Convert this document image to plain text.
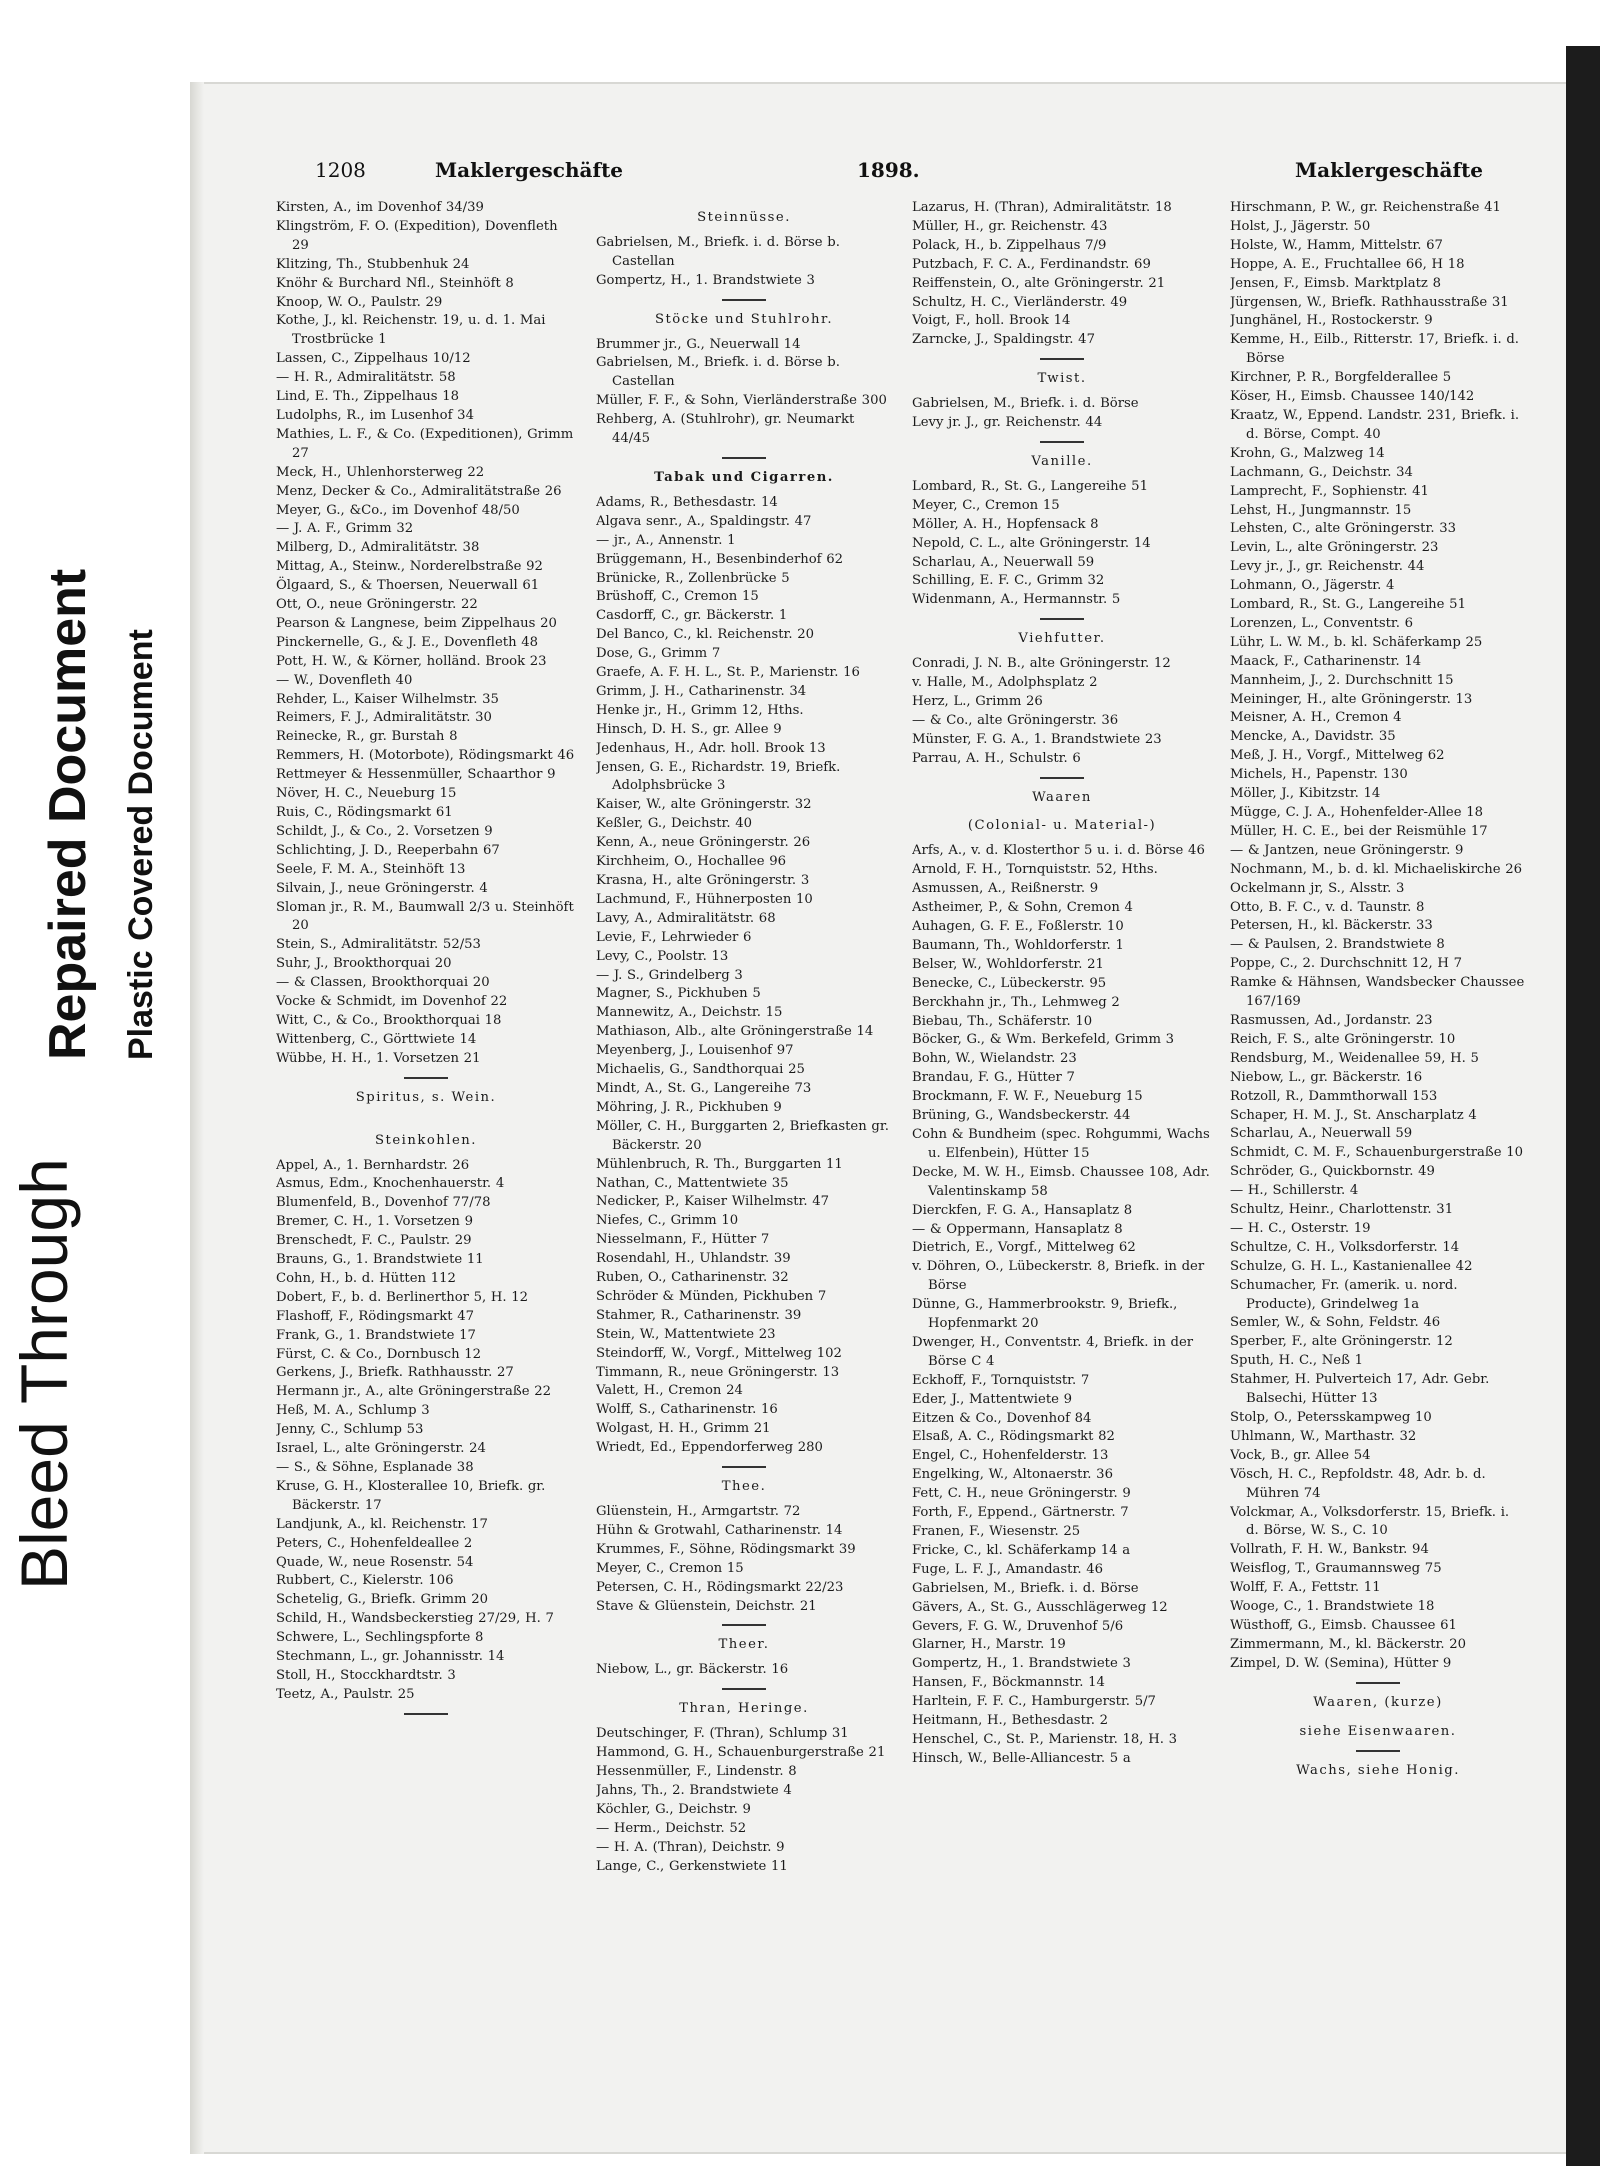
Bleed Through
Repaired Document Plastic Covered Document
1208	Maklergeschäfte	1898.	Maklergeschäfte
Kirsten, A., im Dovenhof 34/39
Klingström, F. O. (Expedition), Dovenfleth 29
Klitzing, Th., Stubbenhuk 24
Knöhr & Burchard Nfl., Steinhöft 8
Knoop, W. O., Paulstr. 29
Kothe, J., kl. Reichenstr. 19, u. d. 1. Mai Trostbrücke 1
Lassen, C., Zippelhaus 10/12
— H. R., Admiralitätstr. 58
Lind, E. Th., Zippelhaus 18
Ludolphs, R., im Lusenhof 34
Mathies, L. F., & Co. (Expeditionen), Grimm 27
Meck, H., Uhlenhorsterweg 22
Menz, Decker & Co., Admiralitätstraße 26
Meyer, G., &Co., im Dovenhof 48/50
— J. A. F., Grimm 32
Milberg, D., Admiralitätstr. 38
Mittag, A., Steinw., Norderelbstraße 92
Ölgaard, S., & Thoersen, Neuerwall 61
Ott, O., neue Gröningerstr. 22
Pearson & Langnese, beim Zippelhaus 20
Pinckernelle, G., & J. E., Dovenfleth 48
Pott, H. W., & Körner, holländ. Brook 23
— W., Dovenfleth 40
Rehder, L., Kaiser Wilhelmstr. 35
Reimers, F. J., Admiralitätstr. 30
Reinecke, R., gr. Burstah 8
Remmers, H. (Motorbote), Rödingsmarkt 46
Rettmeyer & Hessenmüller, Schaarthor 9
Növer, H. C., Neueburg 15
Ruis, C., Rödingsmarkt 61
Schildt, J., & Co., 2. Vorsetzen 9
Schlichting, J. D., Reeperbahn 67
Seele, F. M. A., Steinhöft 13
Silvain, J., neue Gröningerstr. 4
Sloman jr., R. M., Baumwall 2/3 u. Steinhöft 20
Stein, S., Admiralitätstr. 52/53
Suhr, J., Brookthorquai 20
— & Classen, Brookthorquai 20
Vocke & Schmidt, im Dovenhof 22
Witt, C., & Co., Brookthorquai 18
Wittenberg, C., Görttwiete 14
Wübbe, H. H., 1. Vorsetzen 21
Spiritus, s. Wein.
Steinkohlen.
Appel, A., 1. Bernhardstr. 26
Asmus, Edm., Knochenhauerstr. 4
Blumenfeld, B., Dovenhof 77/78
Bremer, C. H., 1. Vorsetzen 9
Brenschedt, F. C., Paulstr. 29
Brauns, G., 1. Brandstwiete 11
Cohn, H., b. d. Hütten 112
Dobert, F., b. d. Berlinerthor 5, H. 12
Flashoff, F., Rödingsmarkt 47
Frank, G., 1. Brandstwiete 17
Fürst, C. & Co., Dornbusch 12
Gerkens, J., Briefk. Rathhausstr. 27
Hermann jr., A., alte Gröningerstraße 22
Heß, M. A., Schlump 3
Jenny, C., Schlump 53
Israel, L., alte Gröningerstr. 24
— S., & Söhne, Esplanade 38
Kruse, G. H., Klosterallee 10, Briefk. gr. Bäckerstr. 17
Landjunk, A., kl. Reichenstr. 17
Peters, C., Hohenfeldeallee 2
Quade, W., neue Rosenstr. 54
Rubbert, C., Kielerstr. 106
Schetelig, G., Briefk. Grimm 20
Schild, H., Wandsbeckerstieg 27/29, H. 7
Schwere, L., Sechlingspforte 8
Stechmann, L., gr. Johannisstr. 14
Stoll, H., Stocckhardtstr. 3
Teetz, A., Paulstr. 25
Steinnüsse.
Gabrielsen, M., Briefk. i. d. Börse b. Castellan
Gompertz, H., 1. Brandstwiete 3
Stöcke und Stuhlrohr.
Brummer jr., G., Neuerwall 14
Gabrielsen, M., Briefk. i. d. Börse b. Castellan
Müller, F. F., & Sohn, Vierländerstraße 300
Rehberg, A. (Stuhlrohr), gr. Neumarkt 44/45
Tabak und Cigarren.
Adams, R., Bethesdastr. 14
Algava senr., A., Spaldingstr. 47
— jr., A., Annenstr. 1
Brüggemann, H., Besenbinderhof 62
Brünicke, R., Zollenbrücke 5
Brüshoff, C., Cremon 15
Casdorff, C., gr. Bäckerstr. 1
Del Banco, C., kl. Reichenstr. 20
Dose, G., Grimm 7
Graefe, A. F. H. L., St. P., Marienstr. 16
Grimm, J. H., Catharinenstr. 34
Henke jr., H., Grimm 12, Hths.
Hinsch, D. H. S., gr. Allee 9
Jedenhaus, H., Adr. holl. Brook 13
Jensen, G. E., Richardstr. 19, Briefk. Adolphsbrücke 3
Kaiser, W., alte Gröningerstr. 32
Keßler, G., Deichstr. 40
Kenn, A., neue Gröningerstr. 26
Kirchheim, O., Hochallee 96
Krasna, H., alte Gröningerstr. 3
Lachmund, F., Hühnerposten 10
Lavy, A., Admiralitätstr. 68
Levie, F., Lehrwieder 6
Levy, C., Poolstr. 13
— J. S., Grindelberg 3
Magner, S., Pickhuben 5
Mannewitz, A., Deichstr. 15
Mathiason, Alb., alte Gröningerstraße 14
Meyenberg, J., Louisenhof 97
Michaelis, G., Sandthorquai 25
Mindt, A., St. G., Langereihe 73
Möhring, J. R., Pickhuben 9
Möller, C. H., Burggarten 2, Briefkasten gr. Bäckerstr. 20
Mühlenbruch, R. Th., Burggarten 11
Nathan, C., Mattentwiete 35
Nedicker, P., Kaiser Wilhelmstr. 47
Niefes, C., Grimm 10
Niesselmann, F., Hütter 7
Rosendahl, H., Uhlandstr. 39
Ruben, O., Catharinenstr. 32
Schröder & Münden, Pickhuben 7
Stahmer, R., Catharinenstr. 39
Stein, W., Mattentwiete 23
Steindorff, W., Vorgf., Mittelweg 102
Timmann, R., neue Gröningerstr. 13
Valett, H., Cremon 24
Wolff, S., Catharinenstr. 16
Wolgast, H. H., Grimm 21
Wriedt, Ed., Eppendorferweg 280
Thee.
Glüenstein, H., Armgartstr. 72
Hühn & Grotwahl, Catharinenstr. 14
Krummes, F., Söhne, Rödingsmarkt 39
Meyer, C., Cremon 15
Petersen, C. H., Rödingsmarkt 22/23
Stave & Glüenstein, Deichstr. 21
Theer.
Niebow, L., gr. Bäckerstr. 16
Thran, Heringe.
Deutschinger, F. (Thran), Schlump 31
Hammond, G. H., Schauenburgerstraße 21
Hessenmüller, F., Lindenstr. 8
Jahns, Th., 2. Brandstwiete 4
Köchler, G., Deichstr. 9
— Herm., Deichstr. 52
— H. A. (Thran), Deichstr. 9
Lange, C., Gerkenstwiete 11
Lazarus, H. (Thran), Admiralitätstr. 18
Müller, H., gr. Reichenstr. 43
Polack, H., b. Zippelhaus 7/9
Putzbach, F. C. A., Ferdinandstr. 69
Reiffenstein, O., alte Gröningerstr. 21
Schultz, H. C., Vierländerstr. 49
Voigt, F., holl. Brook 14
Zarncke, J., Spaldingstr. 47
Twist.
Gabrielsen, M., Briefk. i. d. Börse
Levy jr. J., gr. Reichenstr. 44
Vanille.
Lombard, R., St. G., Langereihe 51
Meyer, C., Cremon 15
Möller, A. H., Hopfensack 8
Nepold, C. L., alte Gröningerstr. 14
Scharlau, A., Neuerwall 59
Schilling, E. F. C., Grimm 32
Widenmann, A., Hermannstr. 5
Viehfutter.
Conradi, J. N. B., alte Gröningerstr. 12
v. Halle, M., Adolphsplatz 2
Herz, L., Grimm 26
— & Co., alte Gröningerstr. 36
Münster, F. G. A., 1. Brandstwiete 23
Parrau, A. H., Schulstr. 6
Waaren
(Colonial- u. Material-)
Arfs, A., v. d. Klosterthor 5 u. i. d. Börse 46
Arnold, F. H., Tornquiststr. 52, Hths.
Asmussen, A., Reißnerstr. 9
Astheimer, P., & Sohn, Cremon 4
Auhagen, G. F. E., Foßlerstr. 10
Baumann, Th., Wohldorferstr. 1
Belser, W., Wohldorferstr. 21
Benecke, C., Lübeckerstr. 95
Berckhahn jr., Th., Lehmweg 2
Biebau, Th., Schäferstr. 10
Böcker, G., & Wm. Berkefeld, Grimm 3
Bohn, W., Wielandstr. 23
Brandau, F. G., Hütter 7
Brockmann, F. W. F., Neueburg 15
Brüning, G., Wandsbeckerstr. 44
Cohn & Bundheim (spec. Rohgummi, Wachs u. Elfenbein), Hütter 15
Decke, M. W. H., Eimsb. Chaussee 108, Adr. Valentinskamp 58
Dierckfen, F. G. A., Hansaplatz 8
— & Oppermann, Hansaplatz 8
Dietrich, E., Vorgf., Mittelweg 62
v. Döhren, O., Lübeckerstr. 8, Briefk. in der Börse
Dünne, G., Hammerbrookstr. 9, Briefk., Hopfenmarkt 20
Dwenger, H., Conventstr. 4, Briefk. in der Börse C 4
Eckhoff, F., Tornquiststr. 7
Eder, J., Mattentwiete 9
Eitzen & Co., Dovenhof 84
Elsaß, A. C., Rödingsmarkt 82
Engel, C., Hohenfelderstr. 13
Engelking, W., Altonaerstr. 36
Fett, C. H., neue Gröningerstr. 9
Forth, F., Eppend., Gärtnerstr. 7
Franen, F., Wiesenstr. 25
Fricke, C., kl. Schäferkamp 14 a
Fuge, L. F. J., Amandastr. 46
Gabrielsen, M., Briefk. i. d. Börse
Gävers, A., St. G., Ausschlägerweg 12
Gevers, F. G. W., Druvenhof 5/6
Glarner, H., Marstr. 19
Gompertz, H., 1. Brandstwiete 3
Hansen, F., Böckmannstr. 14
Harltein, F. F. C., Hamburgerstr. 5/7
Heitmann, H., Bethesdastr. 2
Henschel, C., St. P., Marienstr. 18, H. 3
Hinsch, W., Belle-Alliancestr. 5 a
Hirschmann, P. W., gr. Reichenstraße 41
Holst, J., Jägerstr. 50
Holste, W., Hamm, Mittelstr. 67
Hoppe, A. E., Fruchtallee 66, H 18
Jensen, F., Eimsb. Marktplatz 8
Jürgensen, W., Briefk. Rathhausstraße 31
Junghänel, H., Rostockerstr. 9
Kemme, H., Eilb., Ritterstr. 17, Briefk. i. d. Börse
Kirchner, P. R., Borgfelderallee 5
Köser, H., Eimsb. Chaussee 140/142
Kraatz, W., Eppend. Landstr. 231, Briefk. i. d. Börse, Compt. 40
Krohn, G., Malzweg 14
Lachmann, G., Deichstr. 34
Lamprecht, F., Sophienstr. 41
Lehst, H., Jungmannstr. 15
Lehsten, C., alte Gröningerstr. 33
Levin, L., alte Gröningerstr. 23
Levy jr., J., gr. Reichenstr. 44
Lohmann, O., Jägerstr. 4
Lombard, R., St. G., Langereihe 51
Lorenzen, L., Conventstr. 6
Lühr, L. W. M., b. kl. Schäferkamp 25
Maack, F., Catharinenstr. 14
Mannheim, J., 2. Durchschnitt 15
Meininger, H., alte Gröningerstr. 13
Meisner, A. H., Cremon 4
Mencke, A., Davidstr. 35
Meß, J. H., Vorgf., Mittelweg 62
Michels, H., Papenstr. 130
Möller, J., Kibitzstr. 14
Mügge, C. J. A., Hohenfelder-Allee 18
Müller, H. C. E., bei der Reismühle 17
— & Jantzen, neue Gröningerstr. 9
Nochmann, M., b. d. kl. Michaeliskirche 26
Ockelmann jr, S., Alsstr. 3
Otto, B. F. C., v. d. Taunstr. 8
Petersen, H., kl. Bäckerstr. 33
— & Paulsen, 2. Brandstwiete 8
Poppe, C., 2. Durchschnitt 12, H 7
Ramke & Hähnsen, Wandsbecker Chaussee 167/169
Rasmussen, Ad., Jordanstr. 23
Reich, F. S., alte Gröningerstr. 10
Rendsburg, M., Weidenallee 59, H. 5
Niebow, L., gr. Bäckerstr. 16
Rotzoll, R., Dammthorwall 153
Schaper, H. M. J., St. Anscharplatz 4
Scharlau, A., Neuerwall 59
Schmidt, C. M. F., Schauenburgerstraße 10
Schröder, G., Quickbornstr. 49
— H., Schillerstr. 4
Schultz, Heinr., Charlottenstr. 31
— H. C., Osterstr. 19
Schultze, C. H., Volksdorferstr. 14
Schulze, G. H. L., Kastanienallee 42
Schumacher, Fr. (amerik. u. nord. Producte), Grindelweg 1a
Semler, W., & Sohn, Feldstr. 46
Sperber, F., alte Gröningerstr. 12
Sputh, H. C., Neß 1
Stahmer, H. Pulverteich 17, Adr. Gebr. Balsechi, Hütter 13
Stolp, O., Petersskampweg 10
Uhlmann, W., Marthastr. 32
Vock, B., gr. Allee 54
Vösch, H. C., Repfoldstr. 48, Adr. b. d. Mühren 74
Volckmar, A., Volksdorferstr. 15, Briefk. i. d. Börse, W. S., C. 10
Vollrath, F. H. W., Bankstr. 94
Weisflog, T., Graumannsweg 75
Wolff, F. A., Fettstr. 11
Wooge, C., 1. Brandstwiete 18
Wüsthoff, G., Eimsb. Chaussee 61
Zimmermann, M., kl. Bäckerstr. 20
Zimpel, D. W. (Semina), Hütter 9
Waaren, (kurze)
siehe Eisenwaaren.
Wachs, siehe Honig.
